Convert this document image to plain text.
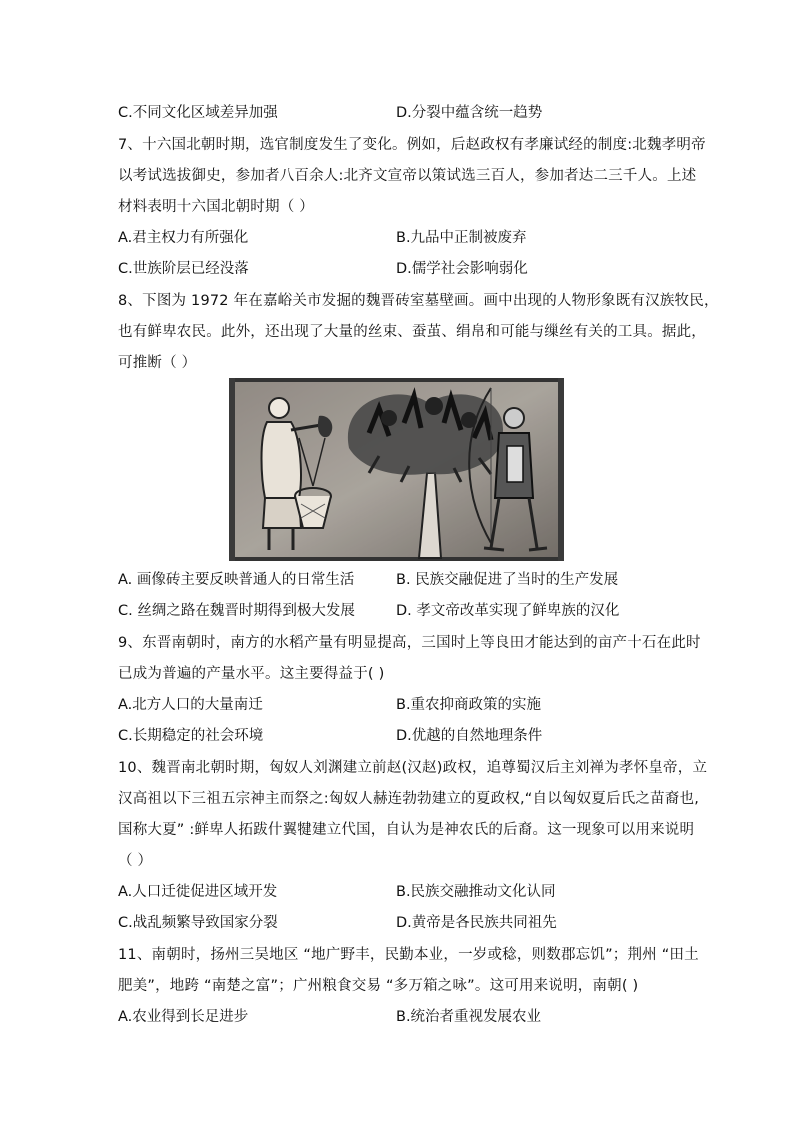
C.不同文化区域差异加强	D.分裂中蕴含统一趋势
7、十六国北朝时期，选官制度发生了变化。例如，后赵政权有孝廉试经的制度:北魏孝明帝
以考试选拔御史，参加者八百余人:北齐文宣帝以策试选三百人，参加者达二三千人。上述
材料表明十六国北朝时期（ ）
A.君主权力有所强化	B.九品中正制被废弃
C.世族阶层已经没落	D.儒学社会影响弱化
8、下图为 1972 年在嘉峪关市发掘的魏晋砖室墓壁画。画中出现的人物形象既有汉族牧民，
也有鲜卑农民。此外，还出现了大量的丝束、蚕茧、绢帛和可能与缫丝有关的工具。据此，
可推断（ ）
A. 画像砖主要反映普通人的日常生活	B. 民族交融促进了当时的生产发展
C. 丝绸之路在魏晋时期得到极大发展	D. 孝文帝改革实现了鲜卑族的汉化
9、东晋南朝时，南方的水稻产量有明显提高，三国时上等良田才能达到的亩产十石在此时
已成为普遍的产量水平。这主要得益于( )
A.北方人口的大量南迁	B.重农抑商政策的实施
C.长期稳定的社会环境	D.优越的自然地理条件
10、魏晋南北朝时期，匈奴人刘渊建立前赵(汉赵)政权，追尊蜀汉后主刘禅为孝怀皇帝，立
汉高祖以下三祖五宗神主而祭之:匈奴人赫连勃勃建立的夏政权,“自以匈奴夏后氏之苗裔也,
国称大夏” :鲜卑人拓跋什翼犍建立代国，自认为是神农氏的后裔。这一现象可以用来说明
（ ）
A.人口迁徙促进区域开发	B.民族交融推动文化认同
C.战乱频繁导致国家分裂	D.黄帝是各民族共同祖先
11、南朝时，扬州三吴地区 “地广野丰，民勤本业，一岁或稔，则数郡忘饥”；荆州 “田土
肥美”，地跨 “南楚之富”；广州粮食交易 “多万箱之咏”。这可用来说明，南朝( )
A.农业得到长足进步	B.统治者重视发展农业
